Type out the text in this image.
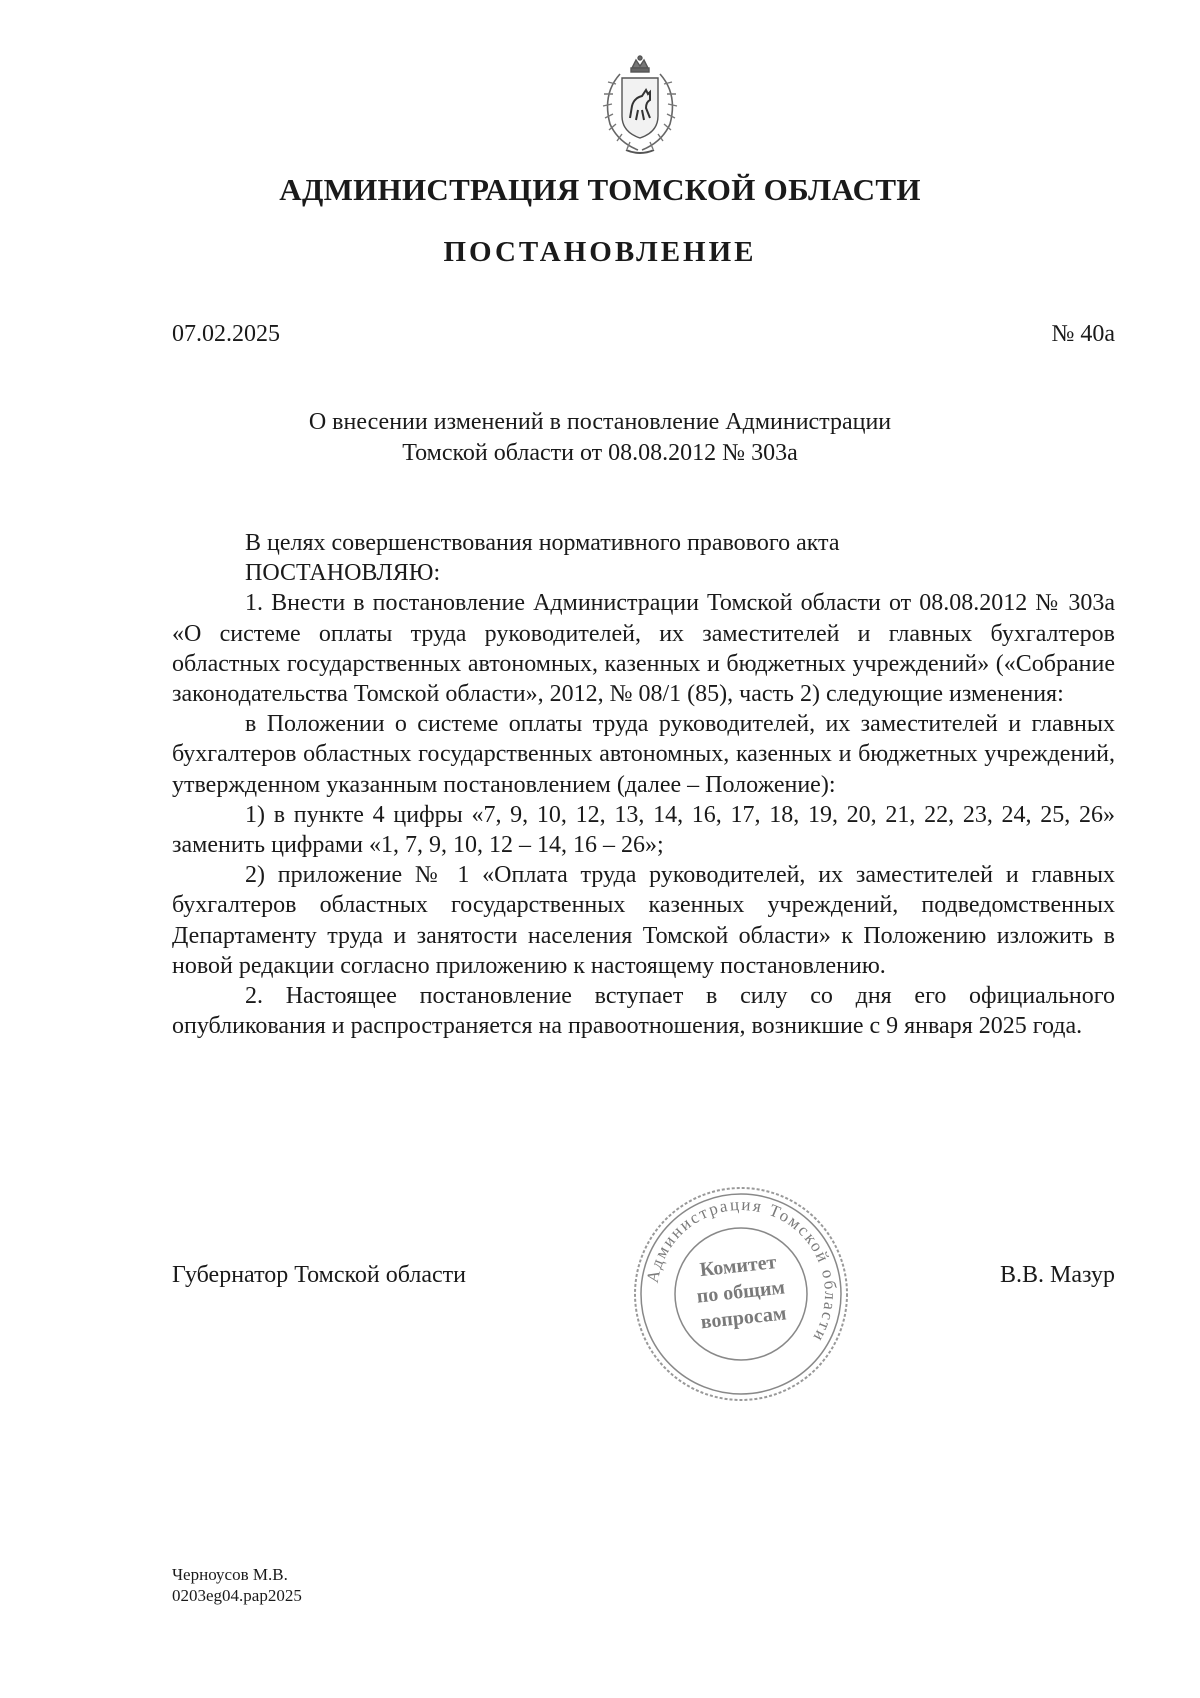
АДМИНИСТРАЦИЯ ТОМСКОЙ ОБЛАСТИ
ПОСТАНОВЛЕНИЕ
07.02.2025	№ 40а
О внесении изменений в постановление Администрации
Томской области от 08.08.2012 № 303а

В целях совершенствования нормативного правового акта

ПОСТАНОВЛЯЮ:

1. Внести в постановление Администрации Томской области от 08.08.2012 № 303а «О системе оплаты труда руководителей, их заместителей и главных бухгалтеров областных государственных автономных, казенных и бюджетных учреждений» («Собрание законодательства Томской области», 2012, № 08/1 (85), часть 2) следующие изменения:

в Положении о системе оплаты труда руководителей, их заместителей и главных бухгалтеров областных государственных автономных, казенных и бюджетных учреждений, утвержденном указанным постановлением (далее – Положение):

1) в пункте 4 цифры «7, 9, 10, 12, 13, 14, 16, 17, 18, 19, 20, 21, 22, 23, 24, 25, 26» заменить цифрами «1, 7, 9, 10, 12 – 14, 16 – 26»;

2) приложение № 1 «Оплата труда руководителей, их заместителей и главных бухгалтеров областных государственных казенных учреждений, подведомственных Департаменту труда и занятости населения Томской области» к Положению изложить в новой редакции согласно приложению к настоящему постановлению.

2. Настоящее постановление вступает в силу со дня его официального опубликования и распространяется на правоотношения, возникшие с 9 января 2025 года.

Администрация Томской области
Комитет
по общим
вопросам
Губернатор Томской области	В.В. Мазур
Черноусов М.В.
0203eg04.pap2025
